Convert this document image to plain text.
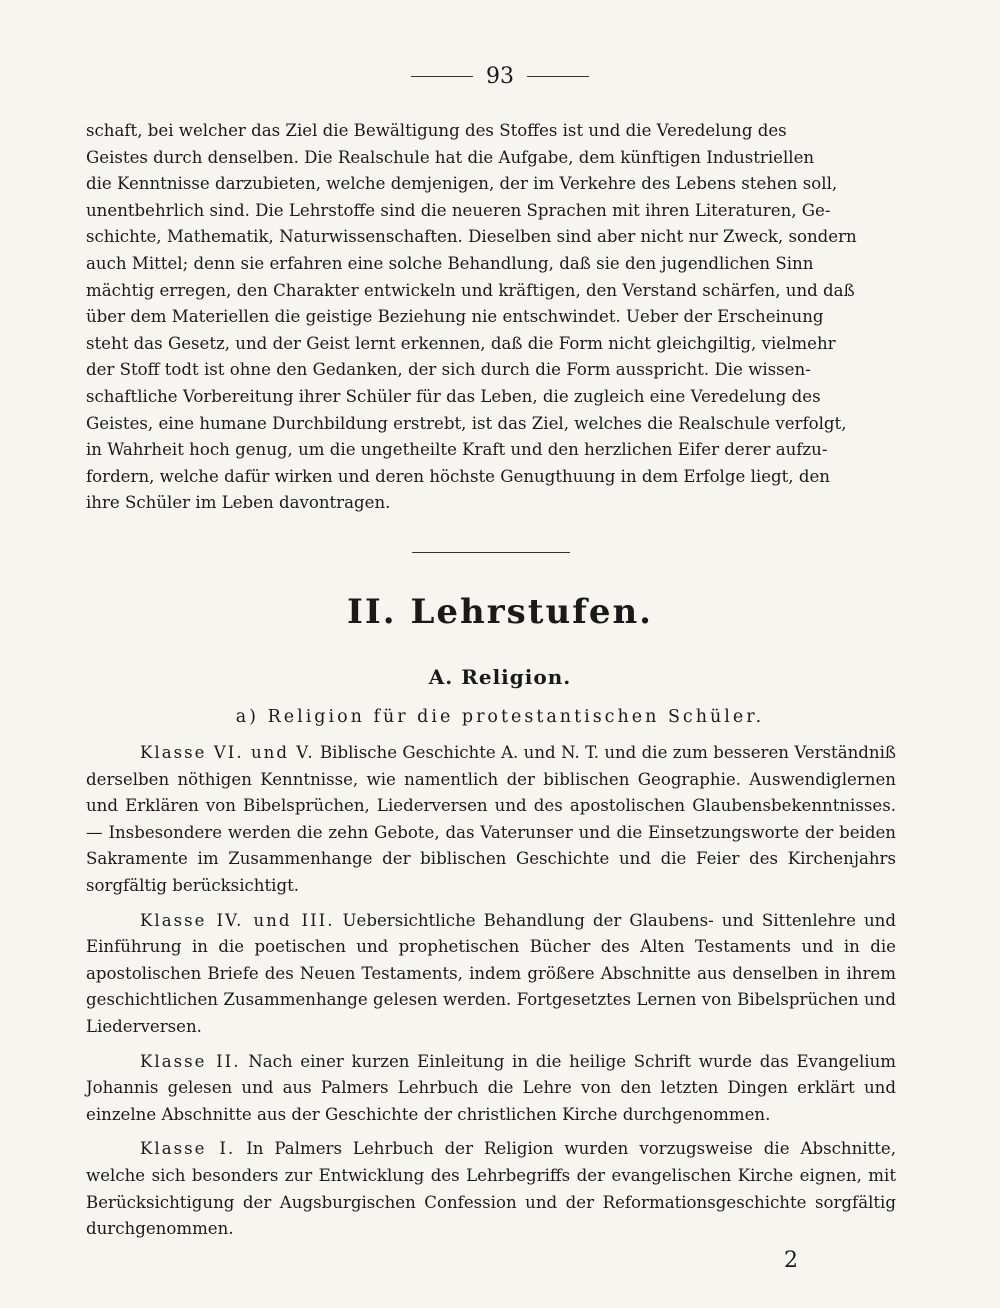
93
schaft, bei welcher das Ziel die Bewältigung des Stoffes ist und die Veredelung des
Geistes durch denselben. Die Realschule hat die Aufgabe, dem künftigen Industriellen
die Kenntnisse darzubieten, welche demjenigen, der im Verkehre des Lebens stehen soll,
unentbehrlich sind. Die Lehrstoffe sind die neueren Sprachen mit ihren Literaturen, Ge-
schichte, Mathematik, Naturwissenschaften. Dieselben sind aber nicht nur Zweck, sondern
auch Mittel; denn sie erfahren eine solche Behandlung, daß sie den jugendlichen Sinn
mächtig erregen, den Charakter entwickeln und kräftigen, den Verstand schärfen, und daß
über dem Materiellen die geistige Beziehung nie entschwindet. Ueber der Erscheinung
steht das Gesetz, und der Geist lernt erkennen, daß die Form nicht gleichgiltig, vielmehr
der Stoff todt ist ohne den Gedanken, der sich durch die Form ausspricht. Die wissen-
schaftliche Vorbereitung ihrer Schüler für das Leben, die zugleich eine Veredelung des
Geistes, eine humane Durchbildung erstrebt, ist das Ziel, welches die Realschule verfolgt,
in Wahrheit hoch genug, um die ungetheilte Kraft und den herzlichen Eifer derer aufzu-
fordern, welche dafür wirken und deren höchste Genugthuung in dem Erfolge liegt, den
ihre Schüler im Leben davontragen.
II. Lehrstufen.
A. Religion.
a) Religion für die protestantischen Schüler.

Klasse VI. und V. Biblische Geschichte A. und N. T. und die zum besseren Verständniß derselben nöthigen Kenntnisse, wie namentlich der biblischen Geographie. Auswendiglernen und Erklären von Bibelsprüchen, Liederversen und des apostolischen Glaubensbekenntnisses. — Insbesondere werden die zehn Gebote, das Vaterunser und die Einsetzungsworte der beiden Sakramente im Zusammenhange der biblischen Geschichte und die Feier des Kirchenjahrs sorgfältig berücksichtigt.

Klasse IV. und III. Uebersichtliche Behandlung der Glaubens- und Sittenlehre und Einführung in die poetischen und prophetischen Bücher des Alten Testaments und in die apostolischen Briefe des Neuen Testaments, indem größere Abschnitte aus denselben in ihrem geschichtlichen Zusammenhange gelesen werden. Fortgesetztes Lernen von Bibelsprüchen und Liederversen.

Klasse II. Nach einer kurzen Einleitung in die heilige Schrift wurde das Evangelium Johannis gelesen und aus Palmers Lehrbuch die Lehre von den letzten Dingen erklärt und einzelne Abschnitte aus der Geschichte der christlichen Kirche durchgenommen.

Klasse I. In Palmers Lehrbuch der Religion wurden vorzugsweise die Abschnitte, welche sich besonders zur Entwicklung des Lehrbegriffs der evangelischen Kirche eignen, mit Berücksichtigung der Augsburgischen Confession und der Reformationsgeschichte sorgfältig durchgenommen.

2
